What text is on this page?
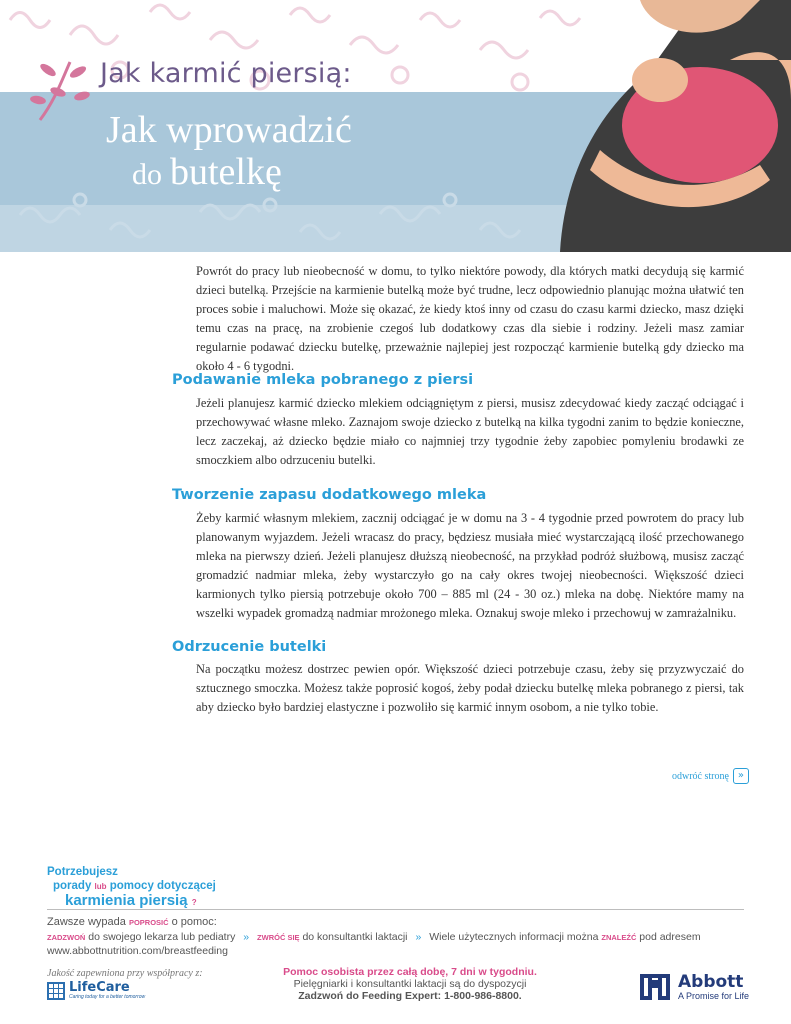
Jak karmić piersią:
Jak wprowadzić
do butelkę

Powrót do pracy lub nieobecność w domu, to tylko niektóre powody, dla których matki decydują się karmić dzieci butelką. Przejście na karmienie butelką może być trudne, lecz odpowiednio planując można ułatwić ten proces sobie i maluchowi. Może się okazać, że kiedy ktoś inny od czasu do czasu karmi dziecko, masz dzięki temu czas na pracę, na zrobienie czegoś lub dodatkowy czas dla siebie i rodziny. Jeżeli masz zamiar regularnie podawać dziecku butelkę, przeważnie najlepiej jest rozpocząć karmienie butelką gdy dziecko ma około 4 - 6 tygodni.

Podawanie mleka pobranego z piersi

Jeżeli planujesz karmić dziecko mlekiem odciągniętym z piersi, musisz zdecydować kiedy zacząć odciągać i przechowywać własne mleko. Zaznajom swoje dziecko z butelką na kilka tygodni zanim to będzie konieczne, lecz zaczekaj, aż dziecko będzie miało co najmniej trzy tygodnie żeby zapobiec pomyleniu brodawki ze smoczkiem albo odrzuceniu butelki.

Tworzenie zapasu dodatkowego mleka

Żeby karmić własnym mlekiem, zacznij odciągać je w domu na 3 - 4 tygodnie przed powrotem do pracy lub planowanym wyjazdem. Jeżeli wracasz do pracy, będziesz musiała mieć wystarczającą ilość przechowanego mleka na pierwszy dzień. Jeżeli planujesz dłuższą nieobecność, na przykład podróż służbową, musisz zacząć gromadzić nadmiar mleka, żeby wystarczyło go na cały okres twojej nieobecności. Większość dzieci karmionych tylko piersią potrzebuje około 700 – 885 ml (24 - 30 oz.) mleka na dobę. Niektóre mamy na wszelki wypadek gromadzą nadmiar mrożonego mleka. Oznakuj swoje mleko i przechowuj w zamrażalniku.

Odrzucenie butelki

Na początku możesz dostrzec pewien opór. Większość dzieci potrzebuje czasu, żeby się przyzwyczaić do sztucznego smoczka. Możesz także poprosić kogoś, żeby podał dziecku butelkę mleka pobranego z piersi, tak aby dziecko było bardziej elastyczne i pozwoliło się karmić innym osobom, a nie tylko tobie.

odwróć stronę »
Potrzebujesz
porady lub pomocy dotyczącej
karmienia piersią ?
Zawsze wypada POPROSIĆ o pomoc:
ZADZWOŃ do swojego lekarza lub pediatry » ZWRÓĆ SIĘ do konsultantki laktacji » Wiele użytecznych informacji można ZNALEŹĆ pod adresem
www.abbottnutrition.com/breastfeeding
Jakość zapewniona przy współpracy z:
LifeCare
Caring today for a better tomorrow
Pomoc osobista przez całą dobę, 7 dni w tygodniu.
Pielęgniarki i konsultantki laktacji są do dyspozycji
Zadzwoń do Feeding Expert: 1-800-986-8800.
Abbott
A Promise for Life
